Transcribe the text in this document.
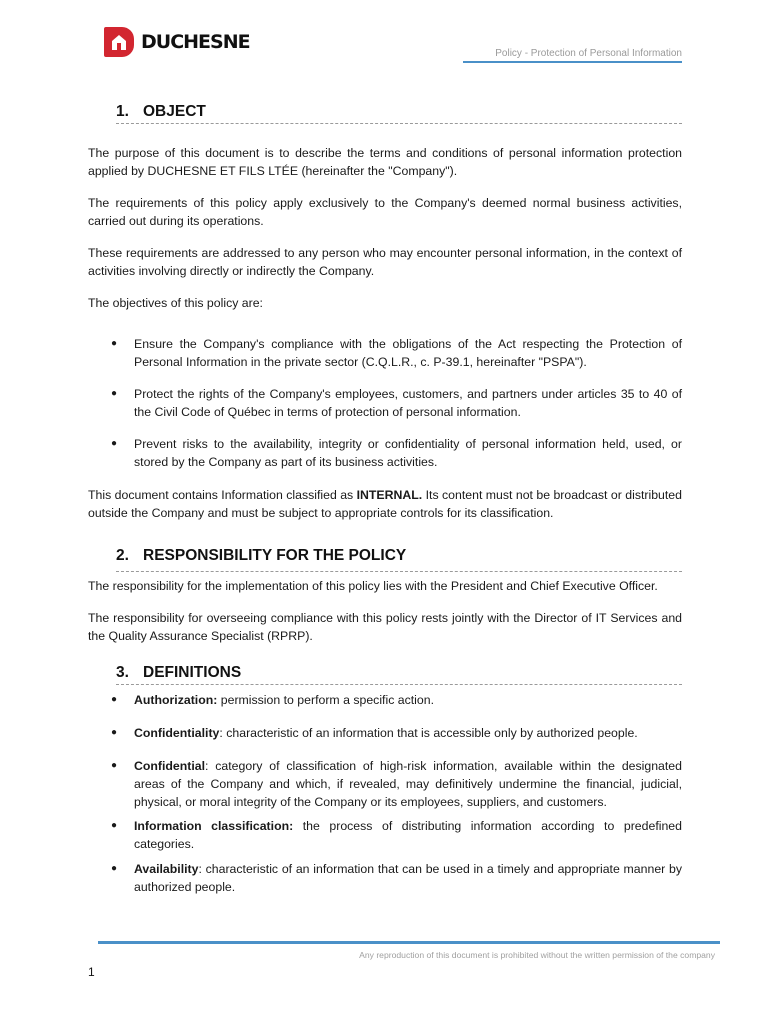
DUCHESNE
Policy - Protection of Personal Information
1. OBJECT

The purpose of this document is to describe the terms and conditions of personal information protection applied by DUCHESNE ET FILS LTÉE (hereinafter the "Company").

The requirements of this policy apply exclusively to the Company's deemed normal business activities, carried out during its operations.

These requirements are addressed to any person who may encounter personal information, in the context of activities involving directly or indirectly the Company.

The objectives of this policy are:

● Ensure the Company's compliance with the obligations of the Act respecting the Protection of Personal Information in the private sector (C.Q.L.R., c. P-39.1, hereinafter "PSPA").
● Protect the rights of the Company's employees, customers, and partners under articles 35 to 40 of the Civil Code of Québec in terms of protection of personal information.
● Prevent risks to the availability, integrity or confidentiality of personal information held, used, or stored by the Company as part of its business activities.

This document contains Information classified as INTERNAL. Its content must not be broadcast or distributed outside the Company and must be subject to appropriate controls for its classification.

2. RESPONSIBILITY FOR THE POLICY

The responsibility for the implementation of this policy lies with the President and Chief Executive Officer.

The responsibility for overseeing compliance with this policy rests jointly with the Director of IT Services and the Quality Assurance Specialist (RPRP).

3. DEFINITIONS
● Authorization: permission to perform a specific action.
● Confidentiality: characteristic of an information that is accessible only by authorized people.
● Confidential: category of classification of high-risk information, available within the designated areas of the Company and which, if revealed, may definitively undermine the financial, judicial, physical, or moral integrity of the Company or its employees, suppliers, and customers.
● Information classification: the process of distributing information according to predefined categories.
● Availability: characteristic of an information that can be used in a timely and appropriate manner by authorized people.
Any reproduction of this document is prohibited without the written permission of the company
1
